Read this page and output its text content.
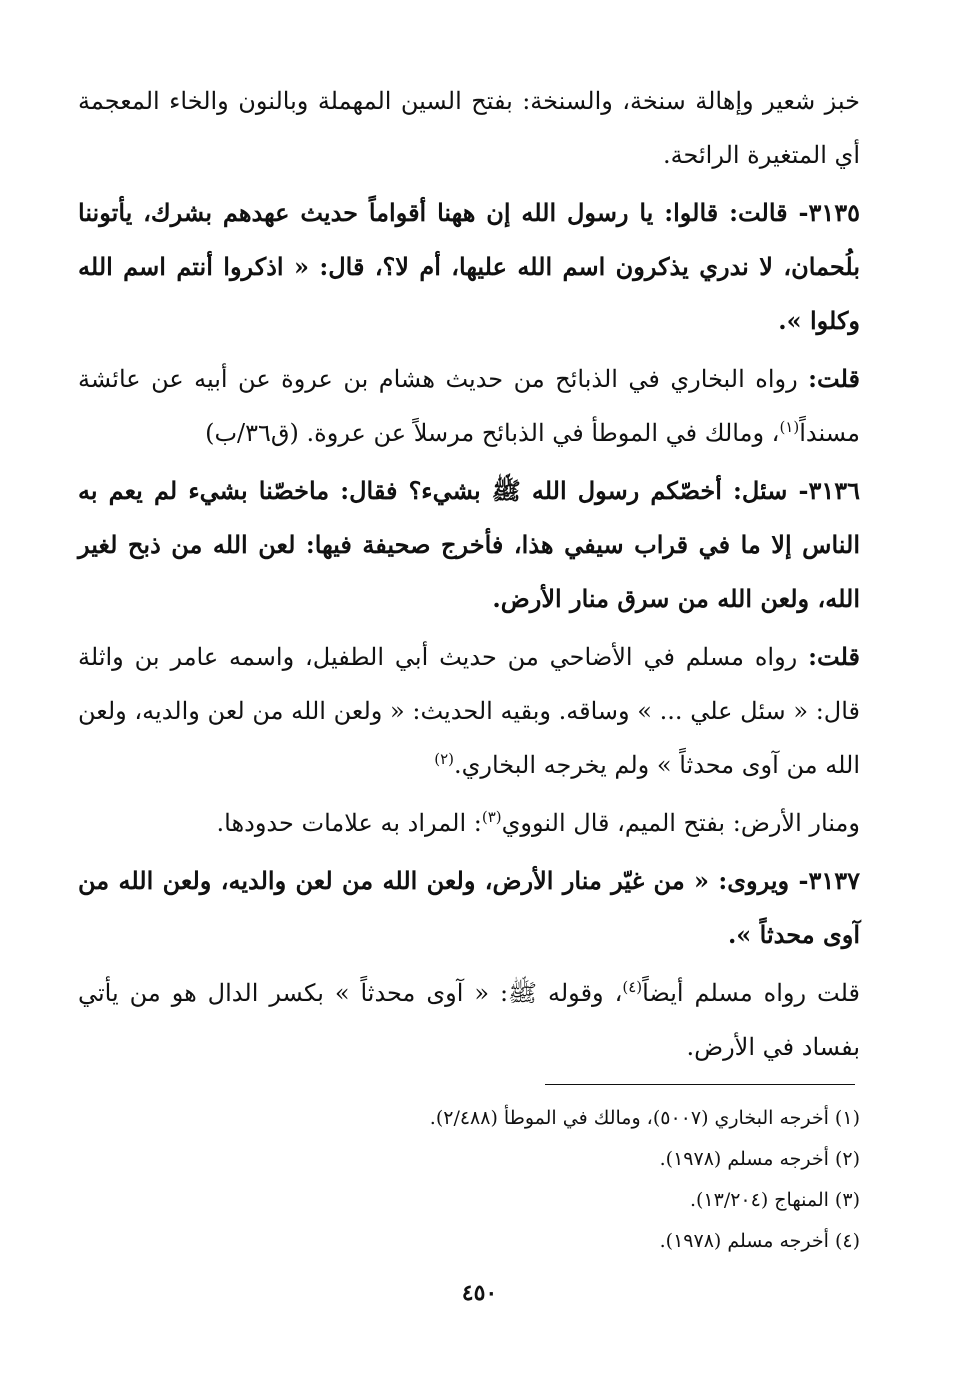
خبز شعير وإهالة سنخة، والسنخة: بفتح السين المهملة وبالنون والخاء المعجمة أي المتغيرة الرائحة.

٣١٣٥- قالت: قالوا: يا رسول الله إن ههنا أقواماً حديث عهدهم بشرك، يأتوننا بلُحمان، لا ندري يذكرون اسم الله عليها، أم لا؟، قال: « اذكروا أنتم اسم الله وكلوا ».

قلت: رواه البخاري في الذبائح من حديث هشام بن عروة عن أبيه عن عائشة مسنداً$^{(١)}$، ومالك في الموطأ في الذبائح مرسلاً عن عروة. (ق٣٦/ب)

٣١٣٦- سئل: أخصّكم رسول الله ﷺ بشيء؟ فقال: ماخصّنا بشيء لم يعم به الناس إلا ما في قراب سيفي هذا، فأخرج صحيفة فيها: لعن الله من ذبح لغير الله، ولعن الله من سرق منار الأرض.

قلت: رواه مسلم في الأضاحي من حديث أبي الطفيل، واسمه عامر بن واثلة قال: « سئل علي ... » وساقه. وبقيه الحديث: « ولعن الله من لعن والديه، ولعن الله من آوى محدثاً » ولم يخرجه البخاري.$^{(٢)}$

ومنار الأرض: بفتح الميم، قال النووي$^{(٣)}$: المراد به علامات حدودها.

٣١٣٧- ويروى: « من غيّر منار الأرض، ولعن الله من لعن والديه، ولعن الله من آوى محدثاً ».

قلت رواه مسلم أيضاً$^{(٤)}$، وقوله ﷺ: « آوى محدثاً » بكسر الدال هو من يأتي بفساد في الأرض.

(١) أخرجه البخاري (٥٠٠٧)، ومالك في الموطأ (٢/٤٨٨).

(٢) أخرجه مسلم (١٩٧٨).

(٣) المنهاج (١٣/٢٠٤).

(٤) أخرجه مسلم (١٩٧٨).

٤٥٠
